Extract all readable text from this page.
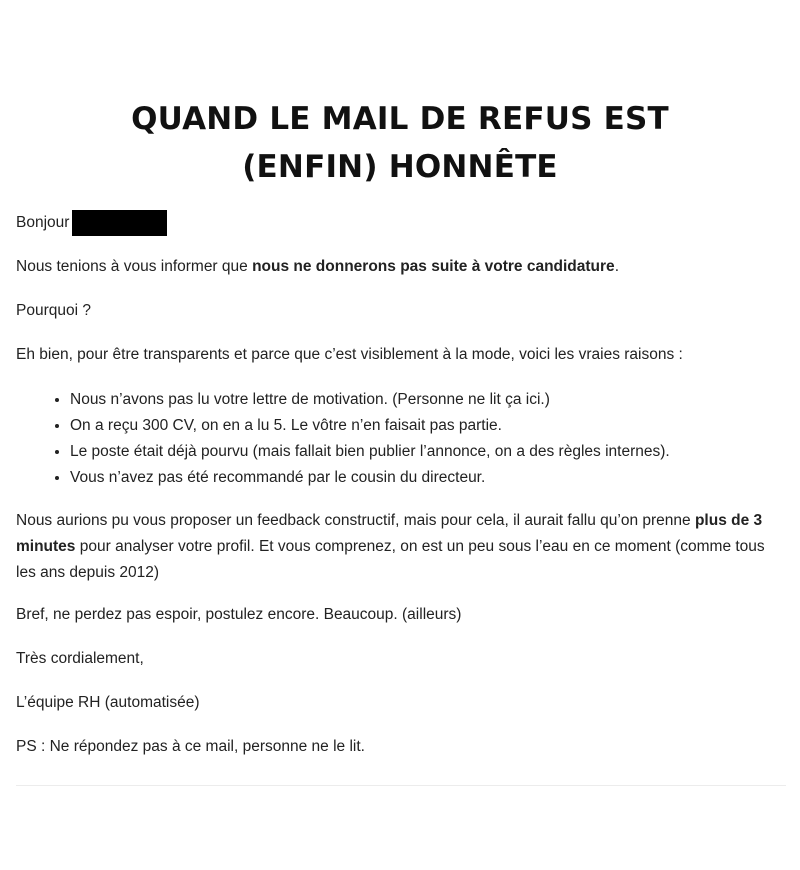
QUAND LE MAIL DE REFUS EST
(ENFIN) HONNÊTE

Bonjour

Nous tenions à vous informer que nous ne donnerons pas suite à votre candidature.

Pourquoi ?

Eh bien, pour être transparents et parce que c’est visiblement à la mode, voici les vraies raisons :

• Nous n’avons pas lu votre lettre de motivation. (Personne ne lit ça ici.)
• On a reçu 300 CV, on en a lu 5. Le vôtre n’en faisait pas partie.
• Le poste était déjà pourvu (mais fallait bien publier l’annonce, on a des règles internes).
• Vous n’avez pas été recommandé par le cousin du directeur.

Nous aurions pu vous proposer un feedback constructif, mais pour cela, il aurait fallu qu’on prenne plus de 3 minutes pour analyser votre profil. Et vous comprenez, on est un peu sous l’eau en ce moment (comme tous les ans depuis 2012)

Bref, ne perdez pas espoir, postulez encore. Beaucoup. (ailleurs)

Très cordialement,

L’équipe RH (automatisée)

PS : Ne répondez pas à ce mail, personne ne le lit.
